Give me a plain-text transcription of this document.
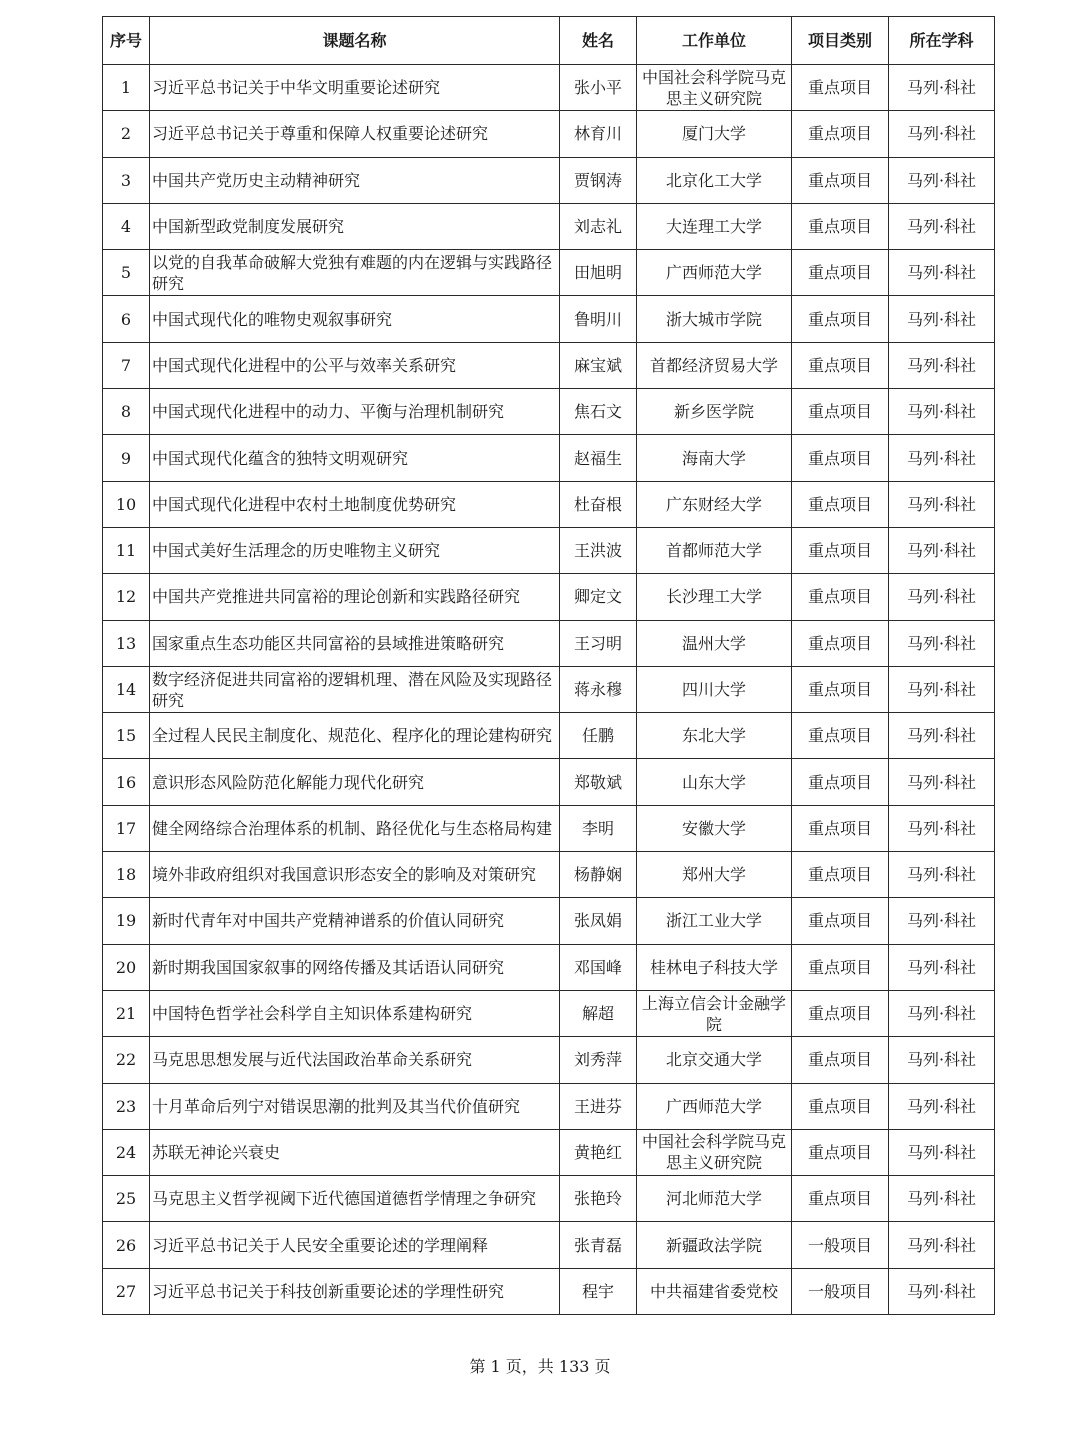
序号	课题名称	姓名	工作单位	项目类别	所在学科
1	习近平总书记关于中华文明重要论述研究	张小平	中国社会科学院马克思主义研究院	重点项目	马列·科社
2	习近平总书记关于尊重和保障人权重要论述研究	林育川	厦门大学	重点项目	马列·科社
3	中国共产党历史主动精神研究	贾钢涛	北京化工大学	重点项目	马列·科社
4	中国新型政党制度发展研究	刘志礼	大连理工大学	重点项目	马列·科社
5	以党的自我革命破解大党独有难题的内在逻辑与实践路径研究	田旭明	广西师范大学	重点项目	马列·科社
6	中国式现代化的唯物史观叙事研究	鲁明川	浙大城市学院	重点项目	马列·科社
7	中国式现代化进程中的公平与效率关系研究	麻宝斌	首都经济贸易大学	重点项目	马列·科社
8	中国式现代化进程中的动力、平衡与治理机制研究	焦石文	新乡医学院	重点项目	马列·科社
9	中国式现代化蕴含的独特文明观研究	赵福生	海南大学	重点项目	马列·科社
10	中国式现代化进程中农村土地制度优势研究	杜奋根	广东财经大学	重点项目	马列·科社
11	中国式美好生活理念的历史唯物主义研究	王洪波	首都师范大学	重点项目	马列·科社
12	中国共产党推进共同富裕的理论创新和实践路径研究	卿定文	长沙理工大学	重点项目	马列·科社
13	国家重点生态功能区共同富裕的县域推进策略研究	王习明	温州大学	重点项目	马列·科社
14	数字经济促进共同富裕的逻辑机理、潜在风险及实现路径研究	蒋永穆	四川大学	重点项目	马列·科社
15	全过程人民民主制度化、规范化、程序化的理论建构研究	任鹏	东北大学	重点项目	马列·科社
16	意识形态风险防范化解能力现代化研究	郑敬斌	山东大学	重点项目	马列·科社
17	健全网络综合治理体系的机制、路径优化与生态格局构建	李明	安徽大学	重点项目	马列·科社
18	境外非政府组织对我国意识形态安全的影响及对策研究	杨静娴	郑州大学	重点项目	马列·科社
19	新时代青年对中国共产党精神谱系的价值认同研究	张凤娟	浙江工业大学	重点项目	马列·科社
20	新时期我国国家叙事的网络传播及其话语认同研究	邓国峰	桂林电子科技大学	重点项目	马列·科社
21	中国特色哲学社会科学自主知识体系建构研究	解超	上海立信会计金融学院	重点项目	马列·科社
22	马克思思想发展与近代法国政治革命关系研究	刘秀萍	北京交通大学	重点项目	马列·科社
23	十月革命后列宁对错误思潮的批判及其当代价值研究	王进芬	广西师范大学	重点项目	马列·科社
24	苏联无神论兴衰史	黄艳红	中国社会科学院马克思主义研究院	重点项目	马列·科社
25	马克思主义哲学视阈下近代德国道德哲学情理之争研究	张艳玲	河北师范大学	重点项目	马列·科社
26	习近平总书记关于人民安全重要论述的学理阐释	张青磊	新疆政法学院	一般项目	马列·科社
27	习近平总书记关于科技创新重要论述的学理性研究	程宇	中共福建省委党校	一般项目	马列·科社
第 1 页，共 133 页
